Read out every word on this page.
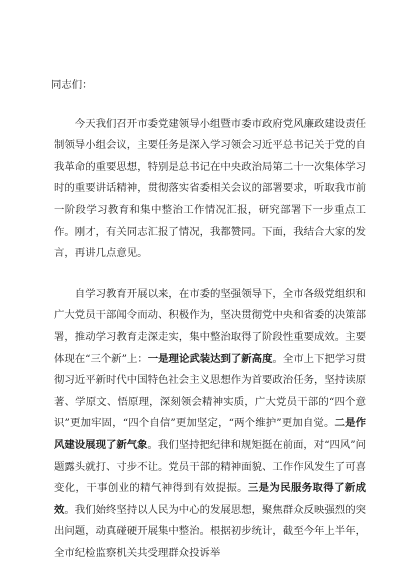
同志们：

今天我们召开市委党建领导小组暨市委市政府党风廉政建设责任制领导小组会议，主要任务是深入学习领会习近平总书记关于党的自我革命的重要思想，特别是总书记在中央政治局第二十一次集体学习时的重要讲话精神，贯彻落实省委相关会议的部署要求，听取我市前一阶段学习教育和集中整治工作情况汇报，研究部署下一步重点工作。刚才，有关同志汇报了情况，我都赞同。下面，我结合大家的发言，再讲几点意见。

自学习教育开展以来，在市委的坚强领导下，全市各级党组织和广大党员干部闻令而动、积极作为，坚决贯彻党中央和省委的决策部署，推动学习教育走深走实，集中整治取得了阶段性重要成效。主要体现在“三个新”上：一是理论武装达到了新高度。全市上下把学习贯彻习近平新时代中国特色社会主义思想作为首要政治任务，坚持读原著、学原文、悟原理，深刻领会精神实质，广大党员干部的“四个意识”更加牢固，“四个自信”更加坚定，“两个维护”更加自觉。二是作风建设展现了新气象。我们坚持把纪律和规矩挺在前面，对“四风”问题露头就打、寸步不让。党员干部的精神面貌、工作作风发生了可喜变化，干事创业的精气神得到有效提振。三是为民服务取得了新成效。我们始终坚持以人民为中心的发展思想，聚焦群众反映强烈的突出问题，动真碰硬开展集中整治。根据初步统计，截至今年上半年，全市纪检监察机关共受理群众投诉举
